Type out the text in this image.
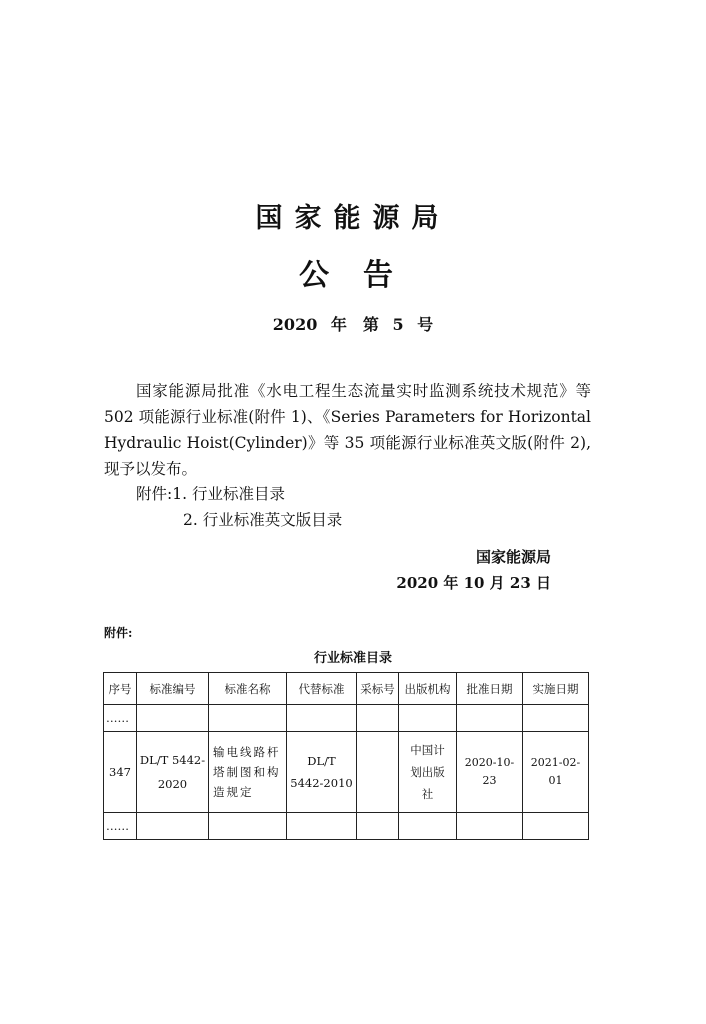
国家能源局
公告
2020 年　第 5 号

国家能源局批准《水电工程生态流量实时监测系统技术规范》等 502 项能源行业标准(附件 1)、《Series Parameters for Horizontal Hydraulic Hoist(Cylinder)》等 35 项能源行业标准英文版(附件 2),现予以发布。

附件:1. 行业标准目录
2. 行业标准英文版目录
国家能源局
2020 年 10 月 23 日
附件:
行业标准目录
序号	标准编号	标准名称	代替标准	采标号	出版机构	批准日期	实施日期
……							
347	DL/T 5442-2020	输电线路杆塔制图和构造规定	DL/T 5442-2010		中国计划出版社	2020-10-23	2021-02-01
……							
